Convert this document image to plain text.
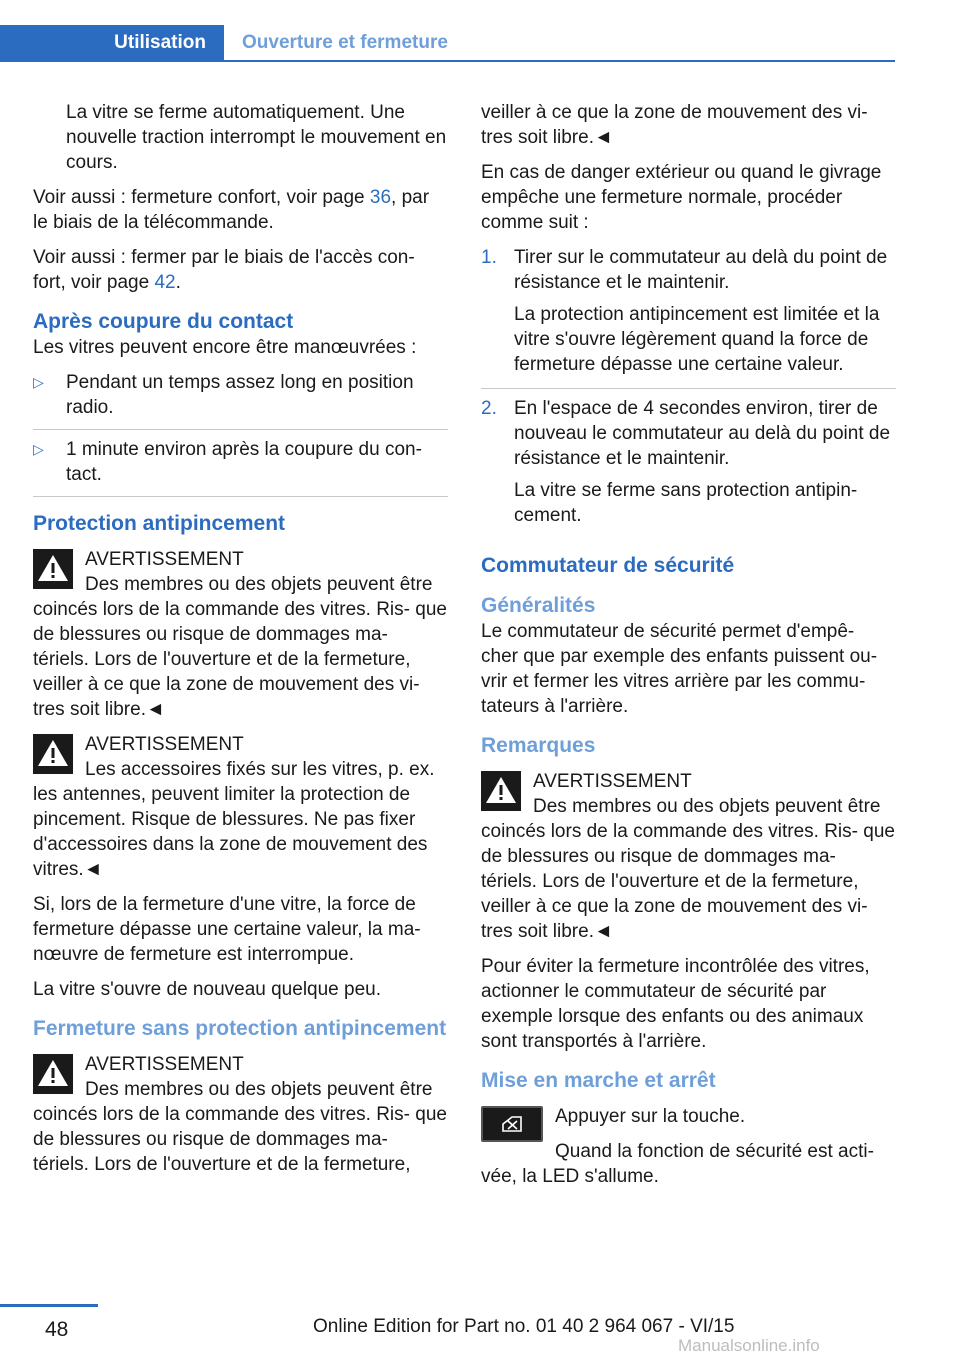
Utilisation	Ouverture et fermeture

La vitre se ferme automatiquement. Une nouvelle traction interrompt le mouvement en cours.

Voir aussi : fermeture confort, voir page 36, par le biais de la télécommande.

Voir aussi : fermer par le biais de l'accès con‐ fort, voir page 42.

Après coupure du contact

Les vitres peuvent encore être manœuvrées :

▷ Pendant un temps assez long en position radio.
▷ 1 minute environ après la coupure du con‐ tact.
Protection antipincement
AVERTISSEMENT
Des membres ou des objets peuvent être coincés lors de la commande des vitres. Ris‐ que de blessures ou risque de dommages ma‐ tériels. Lors de l'ouverture et de la fermeture, veiller à ce que la zone de mouvement des vi‐ tres soit libre.◄
AVERTISSEMENT
Les accessoires fixés sur les vitres, p. ex. les antennes, peuvent limiter la protection de pincement. Risque de blessures. Ne pas fixer d'accessoires dans la zone de mouvement des vitres.◄

Si, lors de la fermeture d'une vitre, la force de fermeture dépasse une certaine valeur, la ma‐ nœuvre de fermeture est interrompue.

La vitre s'ouvre de nouveau quelque peu.

Fermeture sans protection antipincement
AVERTISSEMENT
Des membres ou des objets peuvent être coincés lors de la commande des vitres. Ris‐ que de blessures ou risque de dommages ma‐ tériels. Lors de l'ouverture et de la fermeture,

veiller à ce que la zone de mouvement des vi‐ tres soit libre.◄

En cas de danger extérieur ou quand le givrage empêche une fermeture normale, procéder comme suit :

1. Tirer sur le commutateur au delà du point de résistance et le maintenir.

La protection antipincement est limitée et la vitre s'ouvre légèrement quand la force de fermeture dépasse une certaine valeur.

2. En l'espace de 4 secondes environ, tirer de nouveau le commutateur au delà du point de résistance et le maintenir.

La vitre se ferme sans protection antipin‐ cement.

Commutateur de sécurité
Généralités

Le commutateur de sécurité permet d'empê‐ cher que par exemple des enfants puissent ou‐ vrir et fermer les vitres arrière par les commu‐ tateurs à l'arrière.

Remarques
AVERTISSEMENT
Des membres ou des objets peuvent être coincés lors de la commande des vitres. Ris‐ que de blessures ou risque de dommages ma‐ tériels. Lors de l'ouverture et de la fermeture, veiller à ce que la zone de mouvement des vi‐ tres soit libre.◄

Pour éviter la fermeture incontrôlée des vitres, actionner le commutateur de sécurité par exemple lorsque des enfants ou des animaux sont transportés à l'arrière.

Mise en marche et arrêt

Appuyer sur la touche.

Quand la fonction de sécurité est acti‐ vée, la LED s'allume.

48	Online Edition for Part no. 01 40 2 964 067 - VI/15
Manualsonline.info
